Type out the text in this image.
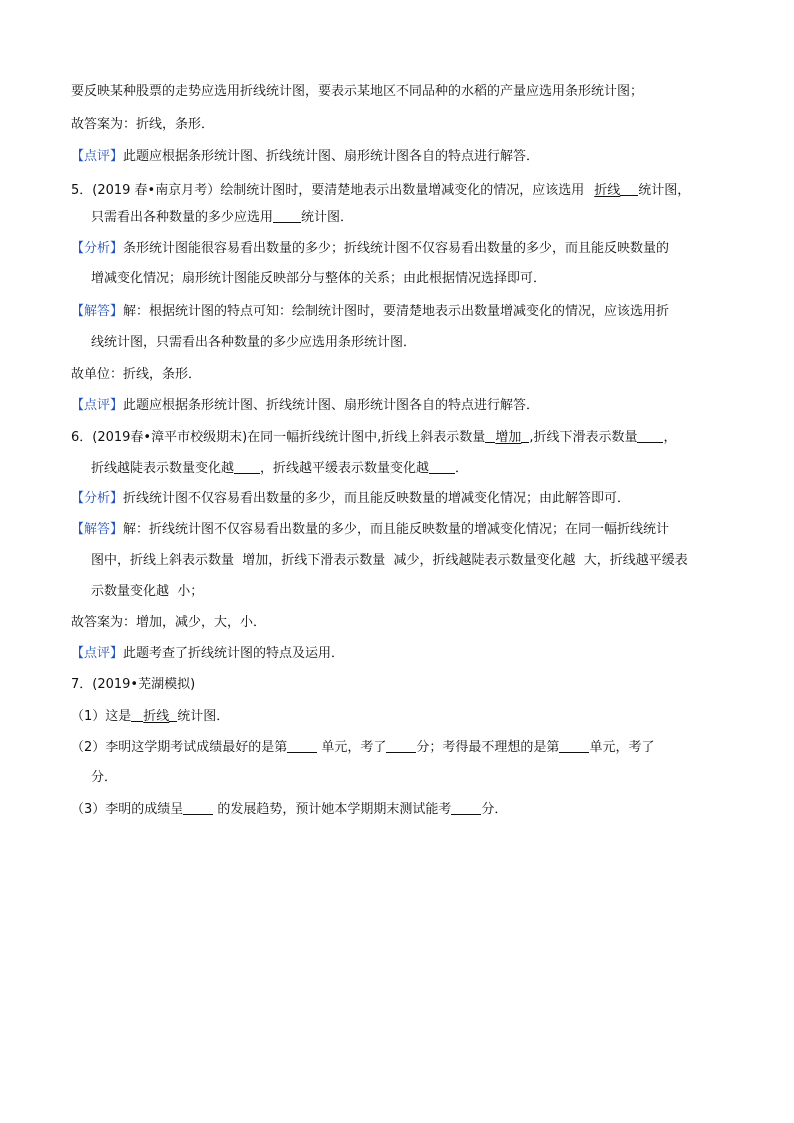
要反映某种股票的走势应选用折线统计图，要表示某地区不同品种的水稻的产量应选用条形统计图；
故答案为：折线，条形．
【点评】此题应根据条形统计图、折线统计图、扇形统计图各自的特点进行解答．
5．(2019 春•南京月考）绘制统计图时，要清楚地表示出数量增减变化的情况，应该选用 折线 统计图，
只需看出各种数量的多少应选用 统计图．
【分析】条形统计图能很容易看出数量的多少；折线统计图不仅容易看出数量的多少，而且能反映数量的
增减变化情况；扇形统计图能反映部分与整体的关系；由此根据情况选择即可．
【解答】解：根据统计图的特点可知：绘制统计图时，要清楚地表示出数量增减变化的情况，应该选用折
线统计图，只需看出各种数量的多少应选用条形统计图．
故单位：折线，条形．
【点评】此题应根据条形统计图、折线统计图、扇形统计图各自的特点进行解答．
6．(2019春•漳平市校级期末)在同一幅折线统计图中,折线上斜表示数量 增加 ,折线下滑表示数量 ，
折线越陡表示数量变化越 ，折线越平缓表示数量变化越 ．
【分析】折线统计图不仅容易看出数量的多少，而且能反映数量的增减变化情况；由此解答即可．
【解答】解：折线统计图不仅容易看出数量的多少，而且能反映数量的增减变化情况；在同一幅折线统计
图中，折线上斜表示数量  增加，折线下滑表示数量  减少，折线越陡表示数量变化越  大，折线越平缓表
示数量变化越  小；
故答案为：增加，减少，大，小．
【点评】此题考查了折线统计图的特点及运用．
7．(2019•芜湖模拟)
（1）这是 折线 统计图．
（2）李明这学期考试成绩最好的是第 单元，考了 分；考得最不理想的是第 单元，考了
分．
（3）李明的成绩呈 的发展趋势，预计她本学期期末测试能考 分．
